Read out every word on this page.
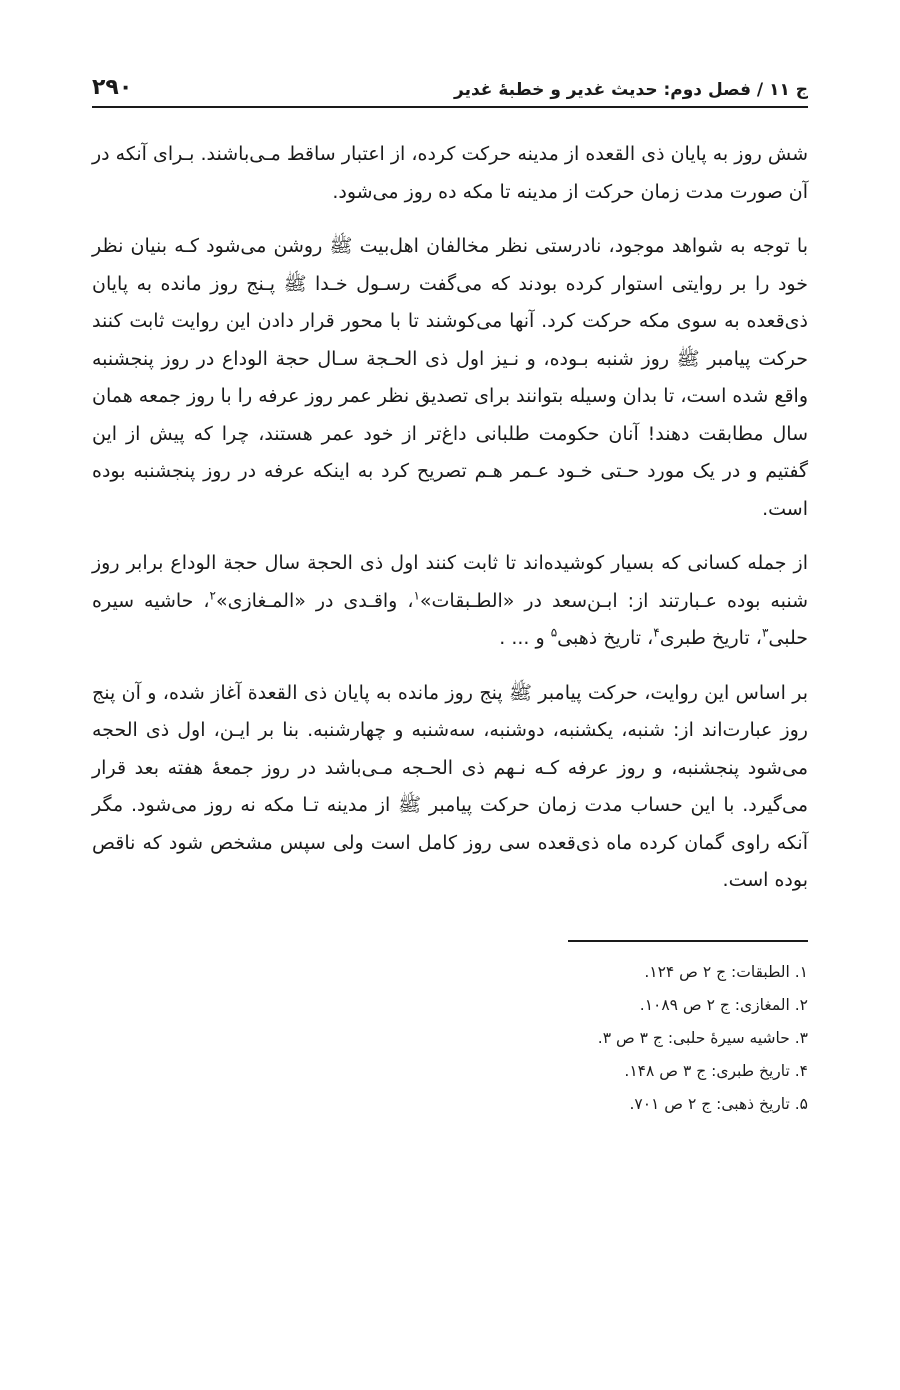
ج ۱۱ / فصل دوم: حدیث غدیر و خطبهٔ غدیر
۲۹۰

شش روز به پایان ذی القعده از مدینه حرکت کرده، از اعتبار ساقط مـی‌باشند. بـرای آنکه در آن صورت مدت زمان حرکت از مدینه تا مکه ده روز می‌شود.

با توجه به شواهد موجود، نادرستی نظر مخالفان اهل‌بیت ﷺ روشن می‌شود کـه بنیان نظر خود را بر روایتی استوار کرده بودند که می‌گفت رسـول خـدا ﷺ پـنج روز مانده به پایان ذی‌قعده به سوی مکه حرکت کرد. آنها می‌کوشند تا با محور قرار دادن این روایت ثابت کنند حرکت پیامبر ﷺ روز شنبه بـوده، و نـیز اول ذی الحـجة سـال حجة الوداع در روز پنجشنبه واقع شده است، تا بدان وسیله بتوانند برای تصدیق نظر عمر روز عرفه را با روز جمعه همان سال مطابقت دهند! آنان حکومت طلبانی داغ‌تر از خود عمر هستند، چرا که پیش از این گفتیم و در یک مورد حـتی خـود عـمر هـم تصریح کرد به اینکه عرفه در روز پنجشنبه بوده است.

از جمله کسانی که بسیار کوشیده‌اند تا ثابت کنند اول ذی الحجة سال حجة الوداع برابر روز شنبه بوده عـبارتند از: ابـن‌سعد در «الطـبقات»$^۱$، واقـدی در «المـغازی»$^۲$، حاشیه سیره حلبی$^۳$، تاریخ طبری$^۴$، تاریخ ذهبی$^۵$ و ... .

بر اساس این روایت، حرکت پیامبر ﷺ پنج روز مانده به پایان ذی القعدة آغاز شده، و آن پنج روز عبارت‌اند از: شنبه، یکشنبه، دوشنبه، سه‌شنبه و چهارشنبه. بنا بر ایـن، اول ذی الحجه می‌شود پنجشنبه، و روز عرفه کـه نـهم ذی الحـجه مـی‌باشد در روز جمعهٔ هفته بعد قرار می‌گیرد. با این حساب مدت زمان حرکت پیامبر ﷺ از مدینه تـا مکه نه روز می‌شود. مگر آنکه راوی گمان کرده ماه ذی‌قعده سی روز کامل است ولی سپس مشخص شود که ناقص بوده است.

۱. الطبقات: ج ۲ ص ۱۲۴.

۲. المغازی: ج ۲ ص ۱۰۸۹.

۳. حاشیه سیرهٔ حلبی: ج ۳ ص ۳.

۴. تاریخ طبری: ج ۳ ص ۱۴۸.

۵. تاریخ ذهبی: ج ۲ ص ۷۰۱.
